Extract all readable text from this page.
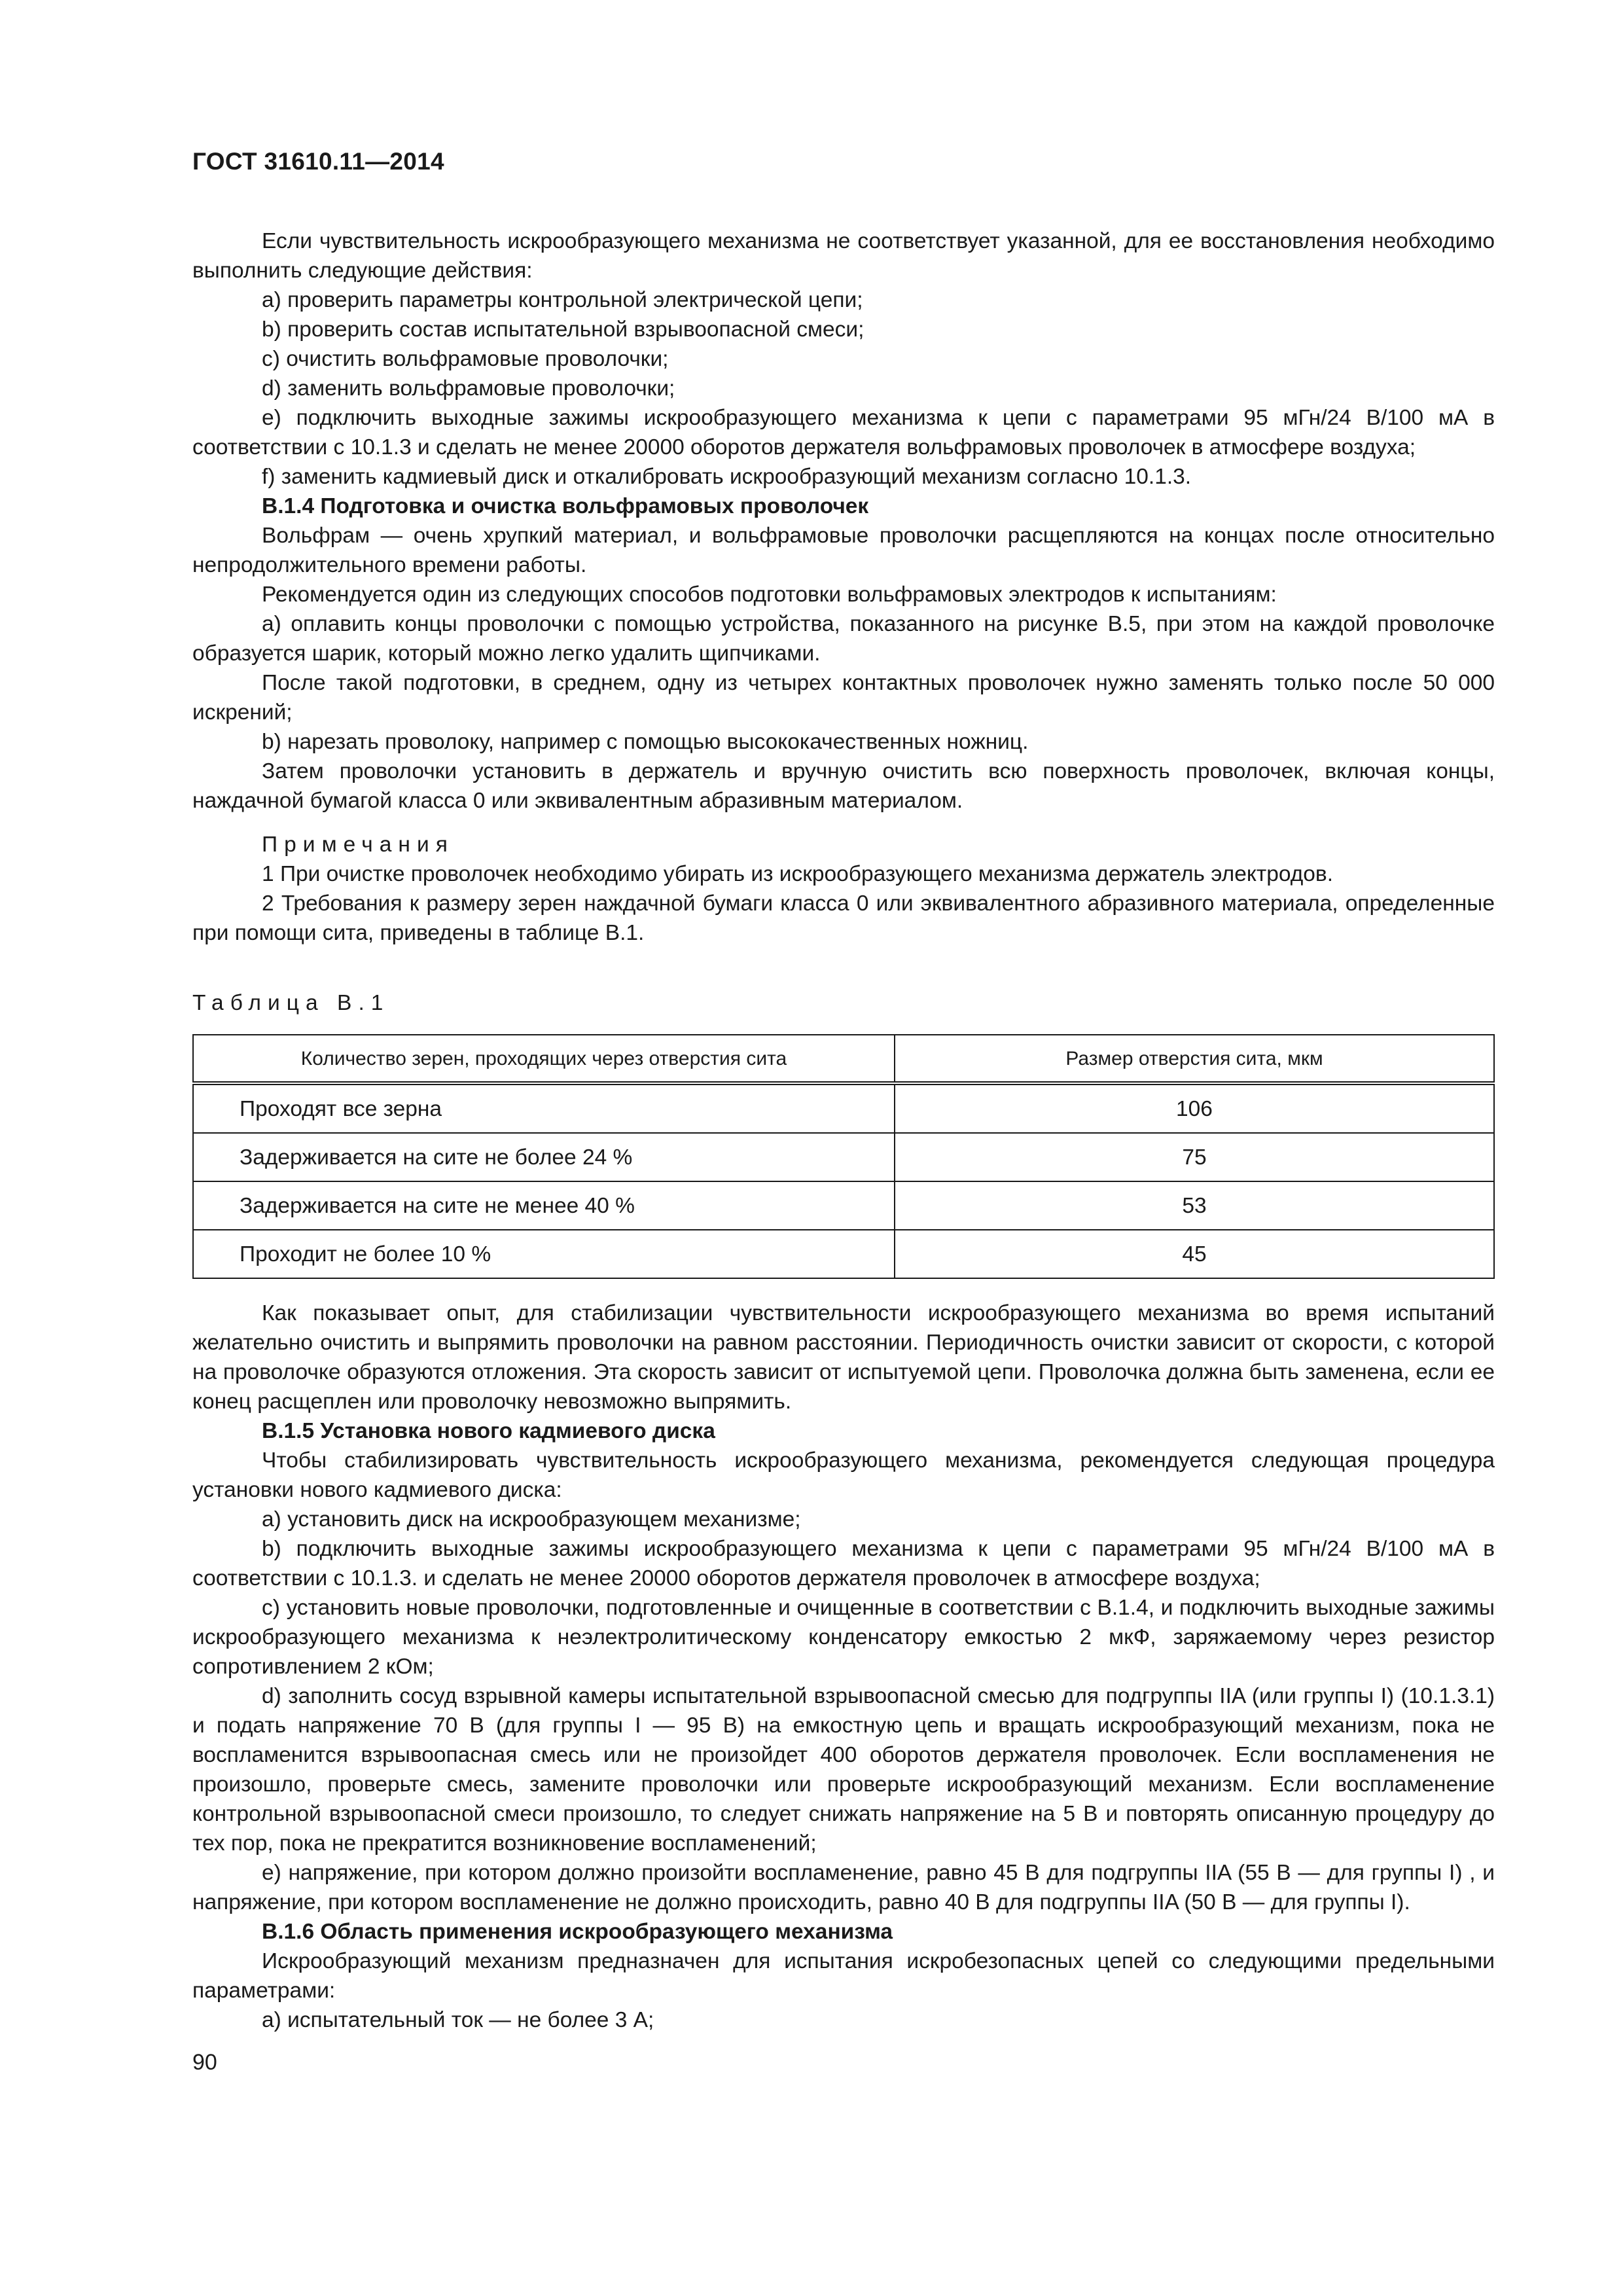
ГОСТ 31610.11—2014

Если чувствительность искрообразующего механизма не соответствует указанной, для ее восстановления необходимо выполнить следующие действия:

а) проверить параметры контрольной электрической цепи;

b) проверить состав испытательной взрывоопасной смеси;

с) очистить вольфрамовые проволочки;

d) заменить вольфрамовые проволочки;

е) подключить выходные зажимы искрообразующего механизма к цепи с параметрами 95 мГн/24 В/100 мА в соответствии с 10.1.3 и сделать не менее 20000 оборотов держателя вольфрамовых проволочек в атмосфере воздуха;

f) заменить кадмиевый диск и откалибровать искрообразующий механизм согласно 10.1.3.

В.1.4 Подготовка и очистка вольфрамовых проволочек

Вольфрам — очень хрупкий материал, и вольфрамовые проволочки расщепляются на концах после относительно непродолжительного времени работы.

Рекомендуется один из следующих способов подготовки вольфрамовых электродов к испытаниям:

а) оплавить концы проволочки с помощью устройства, показанного на рисунке В.5, при этом на каждой проволочке образуется шарик, который можно легко удалить щипчиками.

После такой подготовки, в среднем, одну из четырех контактных проволочек нужно заменять только после 50 000 искрений;

b) нарезать проволоку, например с помощью высококачественных ножниц.

Затем проволочки установить в держатель и вручную очистить всю поверхность проволочек, включая концы, наждачной бумагой класса 0 или эквивалентным абразивным материалом.

Примечания

1 При очистке проволочек необходимо убирать из искрообразующего механизма держатель электродов.

2 Требования к размеру зерен наждачной бумаги класса 0 или эквивалентного абразивного материала, определенные при помощи сита, приведены в таблице В.1.

Таблица В.1

Количество зерен, проходящих через отверстия сита	Размер отверстия сита, мкм
Проходят все зерна	106
Задерживается на сите не более 24 %	75
Задерживается на сите не менее 40 %	53
Проходит не более 10 %	45

Как показывает опыт, для стабилизации чувствительности искрообразующего механизма во время испытаний желательно очистить и выпрямить проволочки на равном расстоянии. Периодичность очистки зависит от скорости, с которой на проволочке образуются отложения. Эта скорость зависит от испытуемой цепи. Проволочка должна быть заменена, если ее конец расщеплен или проволочку невозможно выпрямить.

В.1.5 Установка нового кадмиевого диска

Чтобы стабилизировать чувствительность искрообразующего механизма, рекомендуется следующая процедура установки нового кадмиевого диска:

а) установить диск на искрообразующем механизме;

b) подключить выходные зажимы искрообразующего механизма к цепи с параметрами 95 мГн/24 В/100 мА в соответствии с 10.1.3. и сделать не менее 20000 оборотов держателя проволочек в атмосфере воздуха;

с) установить новые проволочки, подготовленные и очищенные в соответствии с В.1.4, и подключить выходные зажимы искрообразующего механизма к неэлектролитическому конденсатору емкостью 2 мкФ, заряжаемому через резистор сопротивлением 2 кОм;

d) заполнить сосуд взрывной камеры испытательной взрывоопасной смесью для подгруппы IIA (или группы I) (10.1.3.1) и подать напряжение 70 В (для группы I — 95 В) на емкостную цепь и вращать искрообразующий механизм, пока не воспламенится взрывоопасная смесь или не произойдет 400 оборотов держателя проволочек. Если воспламенения не произошло, проверьте смесь, замените проволочки или проверьте искрообразующий механизм. Если воспламенение контрольной взрывоопасной смеси произошло, то следует снижать напряжение на 5 В и повторять описанную процедуру до тех пор, пока не прекратится возникновение воспламенений;

е) напряжение, при котором должно произойти воспламенение, равно 45 В для подгруппы IIA (55 В — для группы I) , и напряжение, при котором воспламенение не должно происходить, равно 40 В для подгруппы IIA (50 В — для группы I).

В.1.6 Область применения искрообразующего механизма

Искрообразующий механизм предназначен для испытания искробезопасных цепей со следующими предельными параметрами:

а) испытательный ток — не более 3 А;

90
